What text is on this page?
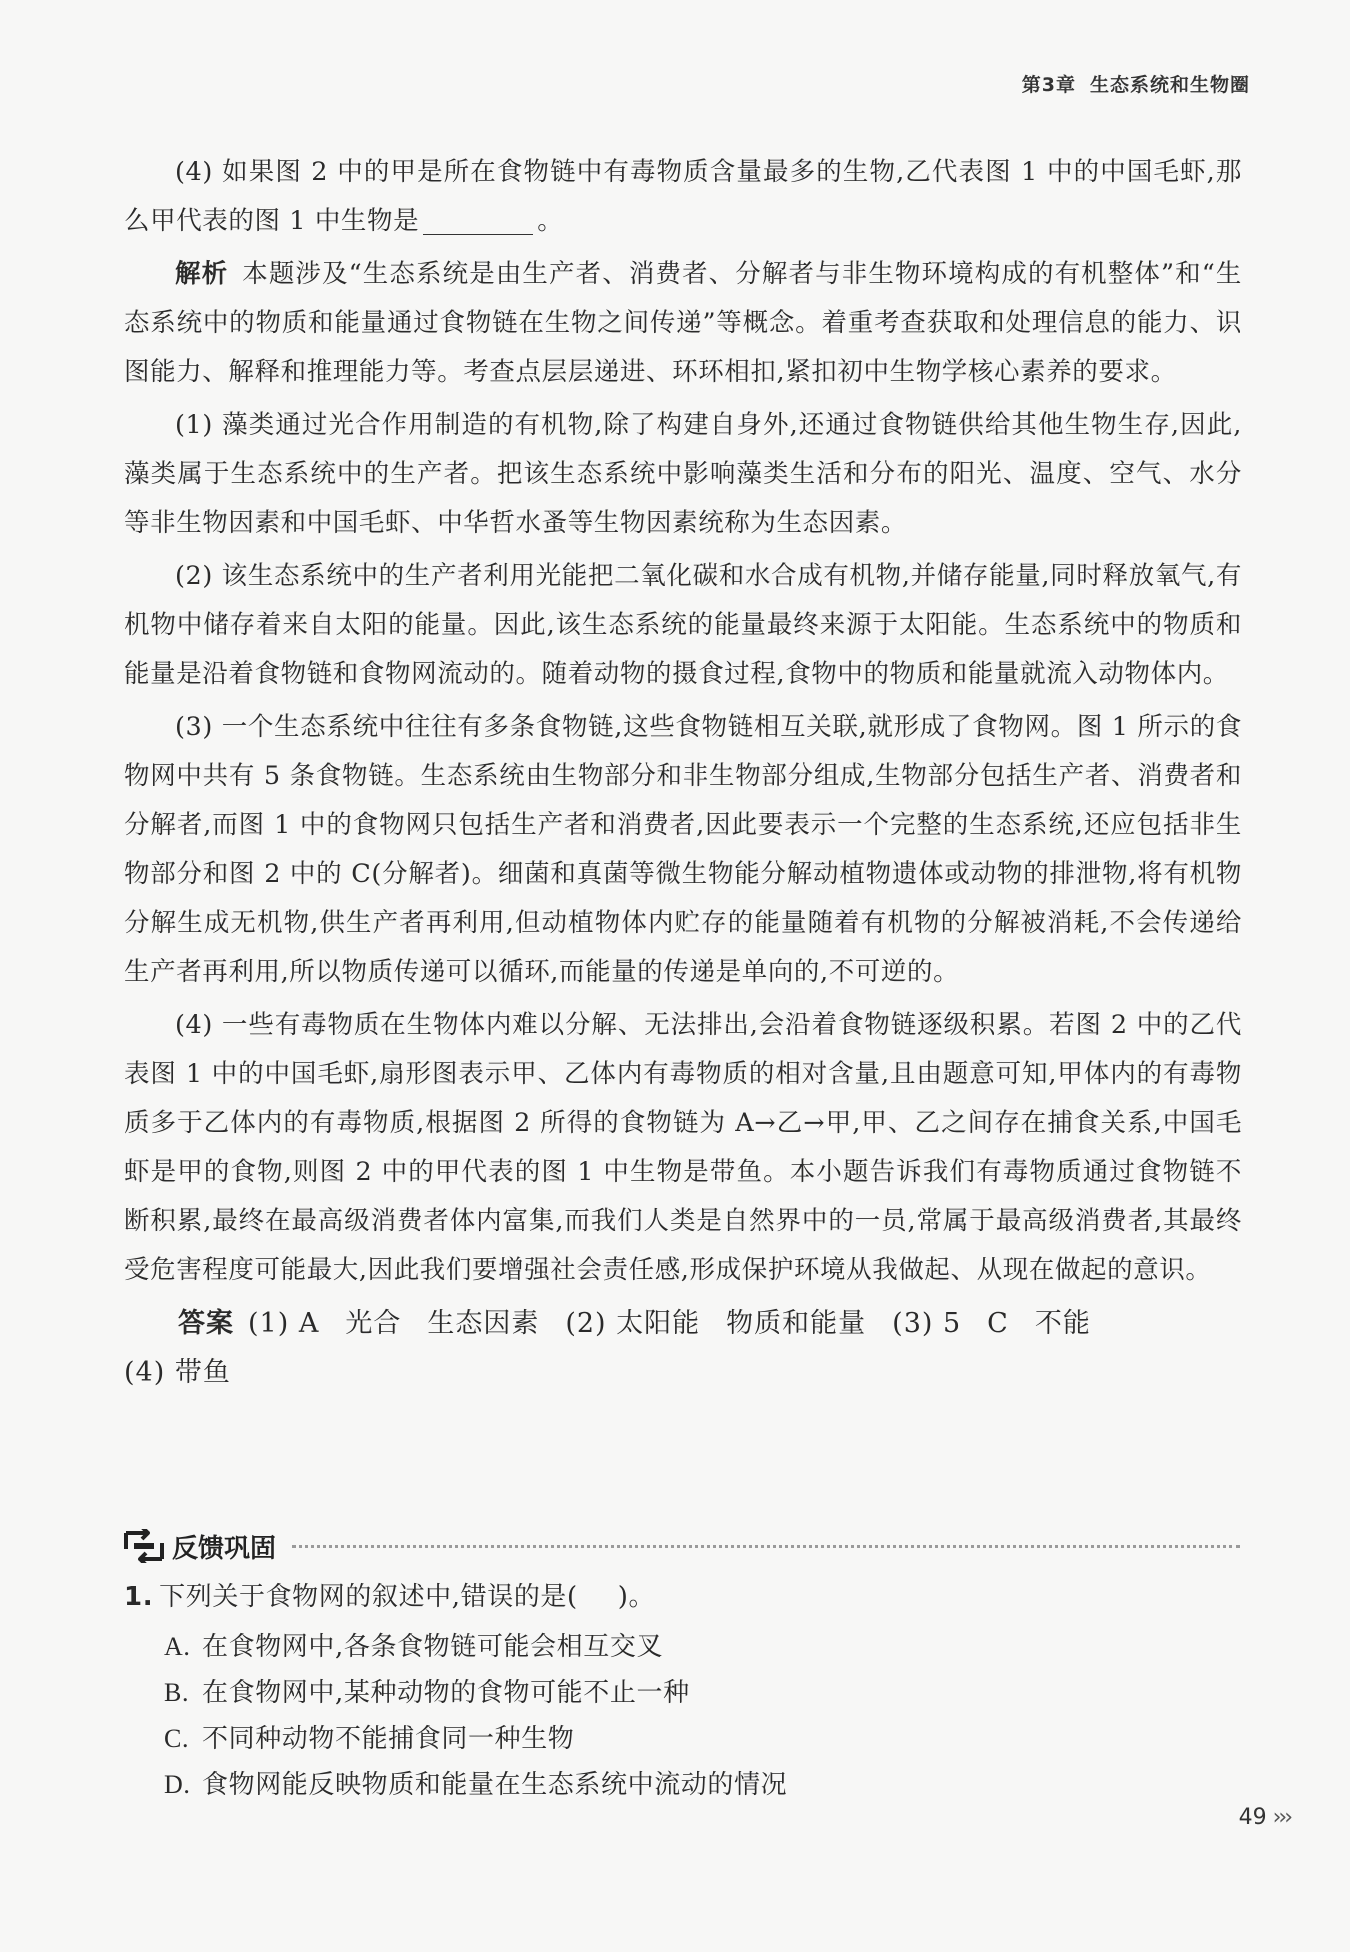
第3章 生态系统和生物圈

(4) 如果图 2 中的甲是所在食物链中有毒物质含量最多的生物,乙代表图 1 中的中国毛虾,那么甲代表的图 1 中生物是	。

解析 本题涉及“生态系统是由生产者、消费者、分解者与非生物环境构成的有机整体”和“生态系统中的物质和能量通过食物链在生物之间传递”等概念。着重考查获取和处理信息的能力、识图能力、解释和推理能力等。考查点层层递进、环环相扣,紧扣初中生物学核心素养的要求。

(1) 藻类通过光合作用制造的有机物,除了构建自身外,还通过食物链供给其他生物生存,因此,藻类属于生态系统中的生产者。把该生态系统中影响藻类生活和分布的阳光、温度、空气、水分等非生物因素和中国毛虾、中华哲水蚤等生物因素统称为生态因素。

(2) 该生态系统中的生产者利用光能把二氧化碳和水合成有机物,并储存能量,同时释放氧气,有机物中储存着来自太阳的能量。因此,该生态系统的能量最终来源于太阳能。生态系统中的物质和能量是沿着食物链和食物网流动的。随着动物的摄食过程,食物中的物质和能量就流入动物体内。

(3) 一个生态系统中往往有多条食物链,这些食物链相互关联,就形成了食物网。图 1 所示的食物网中共有 5 条食物链。生态系统由生物部分和非生物部分组成,生物部分包括生产者、消费者和分解者,而图 1 中的食物网只包括生产者和消费者,因此要表示一个完整的生态系统,还应包括非生物部分和图 2 中的 C(分解者)。细菌和真菌等微生物能分解动植物遗体或动物的排泄物,将有机物分解生成无机物,供生产者再利用,但动植物体内贮存的能量随着有机物的分解被消耗,不会传递给生产者再利用,所以物质传递可以循环,而能量的传递是单向的,不可逆的。

(4) 一些有毒物质在生物体内难以分解、无法排出,会沿着食物链逐级积累。若图 2 中的乙代表图 1 中的中国毛虾,扇形图表示甲、乙体内有毒物质的相对含量,且由题意可知,甲体内的有毒物质多于乙体内的有毒物质,根据图 2 所得的食物链为 A→乙→甲,甲、乙之间存在捕食关系,中国毛虾是甲的食物,则图 2 中的甲代表的图 1 中生物是带鱼。本小题告诉我们有毒物质通过食物链不断积累,最终在最高级消费者体内富集,而我们人类是自然界中的一员,常属于最高级消费者,其最终受危害程度可能最大,因此我们要增强社会责任感,形成保护环境从我做起、从现在做起的意识。

答案 (1) A 光合 生态因素 (2) 太阳能 物质和能量 (3) 5 C 不能

(4) 带鱼

反馈巩固

1. 下列关于食物网的叙述中,错误的是( )。

A. 在食物网中,各条食物链可能会相互交叉

B. 在食物网中,某种动物的食物可能不止一种

C. 不同种动物不能捕食同一种生物

D. 食物网能反映物质和能量在生态系统中流动的情况

49 ›››
